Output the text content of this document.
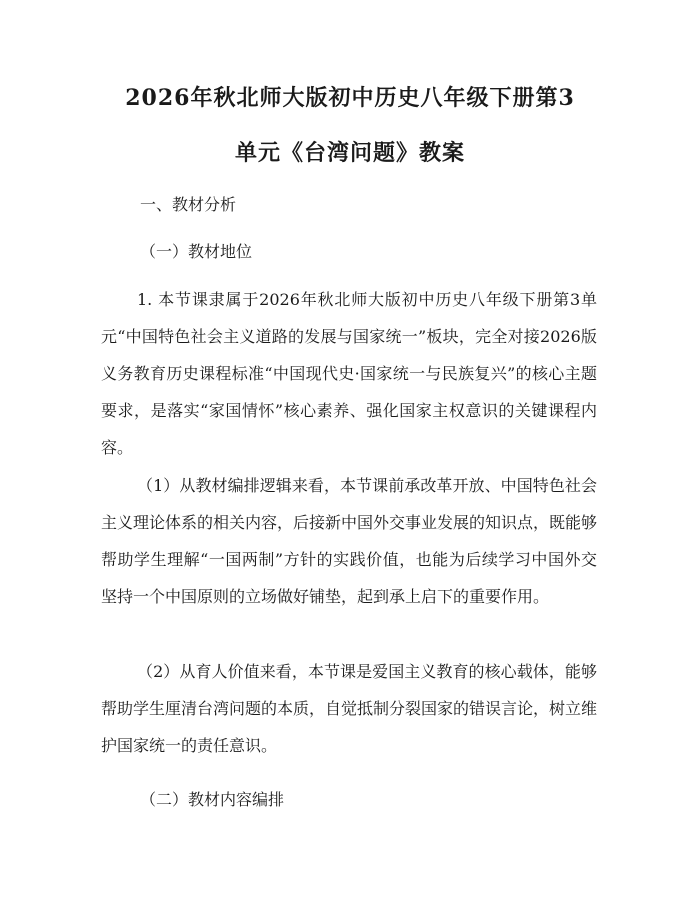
2026年秋北师大版初中历史八年级下册第3
单元《台湾问题》教案

一、教材分析

（一）教材地位

1. 本节课隶属于2026年秋北师大版初中历史八年级下册第3单元“中国特色社会主义道路的发展与国家统一”板块，完全对接2026版义务教育历史课程标准“中国现代史·国家统一与民族复兴”的核心主题要求，是落实“家国情怀”核心素养、强化国家主权意识的关键课程内容。

（1）从教材编排逻辑来看，本节课前承改革开放、中国特色社会主义理论体系的相关内容，后接新中国外交事业发展的知识点，既能够帮助学生理解“一国两制”方针的实践价值，也能为后续学习中国外交坚持一个中国原则的立场做好铺垫，起到承上启下的重要作用。

（2）从育人价值来看，本节课是爱国主义教育的核心载体，能够帮助学生厘清台湾问题的本质，自觉抵制分裂国家的错误言论，树立维护国家统一的责任意识。

（二）教材内容编排
